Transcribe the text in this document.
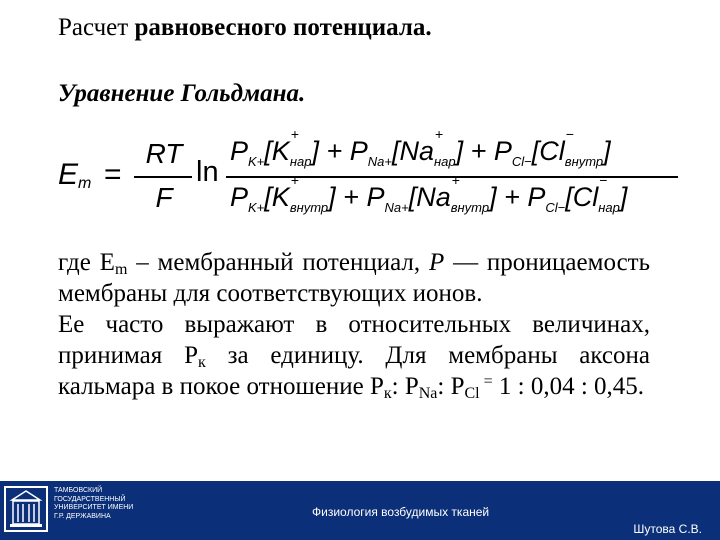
Расчет равновесного потенциала.
Уравнение Гольдмана.
$E_m$ =
RT
F
ln
$P_{K+}[K$
+
$_{нар}] + P_{Na+}[Na$
+
$_{нар}] + P_{Cl-}[Cl$
−
$_{внутр}$]
$P_{K+}[K$
+
$_{внутр}] + P_{Na+}[Na$
+
$_{внутр}] + P_{Cl-}[Cl$
−
$_{нар}$]

где $E_m$ – мембранный потенциал, P — проницаемость мембраны для соответствующих ионов.

Ее часто выражают в относительных величинах, принимая $P_к$ за единицу. Для мембраны аксона кальмара в покое отношение $P_к$: $P_{Na}$: $P_{Cl}$ = 1 : 0,04 : 0,45.

ТАМБОВСКИЙ ГОСУДАРСТВЕННЫЙ УНИВЕРСИТЕТ ИМЕНИ Г.Р. ДЕРЖАВИНА	Физиология возбудимых тканей
Шутова С.В.
